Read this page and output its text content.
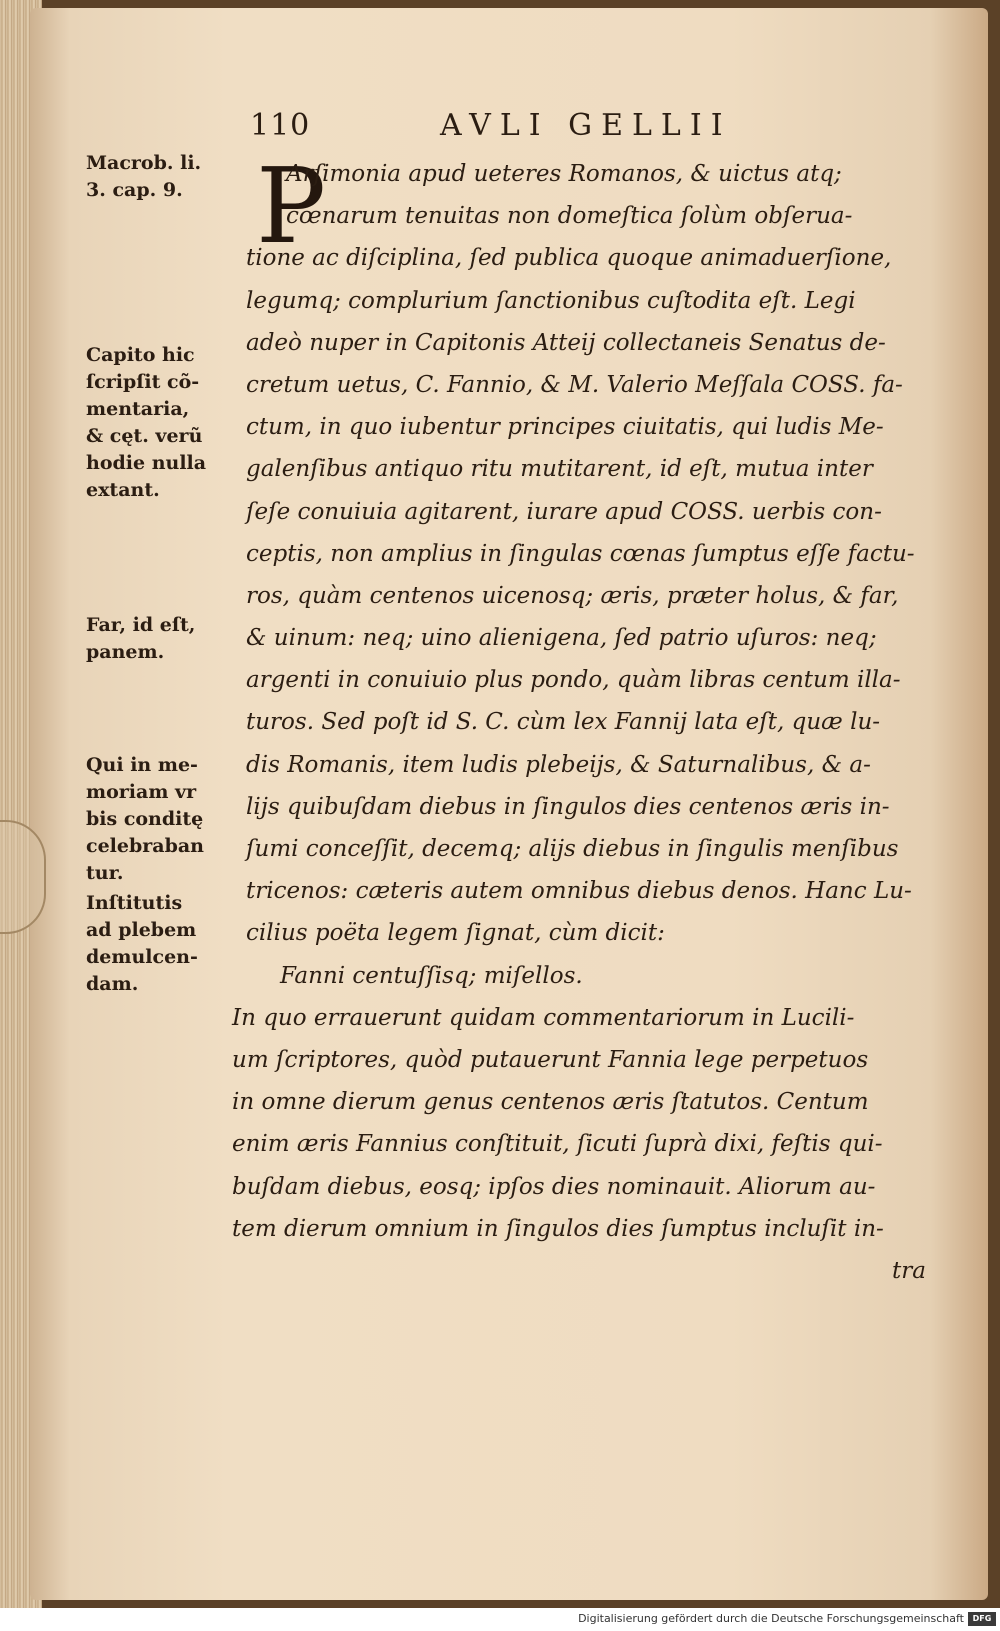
110	AVLI GELLII
P
Arſimonia apud ueteres Romanos, & uictus atq;
cœnarum tenuitas non domeſtica ſolùm obſerua-
tione ac diſciplina, ſed publica quoque animaduerſione,
legumq; complurium ſanctionibus cuſtodita eſt. Legi
adeò nuper in Capitonis Atteij collectaneis Senatus de-
cretum uetus, C. Fannio, & M. Valerio Meſſala COSS. fa-
ctum, in quo iubentur principes ciuitatis, qui ludis Me-
galenſibus antiquo ritu mutitarent, id eſt, mutua inter
ſeſe conuiuia agitarent, iurare apud COSS. uerbis con-
ceptis, non amplius in ſingulas cœnas ſumptus eſſe factu-
ros, quàm centenos uicenosq; æris, præter holus, & far,
& uinum: neq; uino alienigena, ſed patrio uſuros: neq;
argenti in conuiuio plus pondo, quàm libras centum illa-
turos. Sed poſt id S. C. cùm lex Fannij lata eſt, quæ lu-
dis Romanis, item ludis plebeijs, & Saturnalibus, & a-
lijs quibuſdam diebus in ſingulos dies centenos æris in-
ſumi conceſſit, decemq; alijs diebus in ſingulis menſibus
tricenos: cæteris autem omnibus diebus denos. Hanc Lu-
cilius poëta legem ſignat, cùm dicit:
Fanni centuſſisq; miſellos.
In quo errauerunt quidam commentariorum in Lucili-
um ſcriptores, quòd putauerunt Fannia lege perpetuos
in omne dierum genus centenos æris ſtatutos. Centum
enim æris Fannius conſtituit, ſicuti ſuprà dixi, feſtis qui-
buſdam diebus, eosq; ipſos dies nominauit. Aliorum au-
tem dierum omnium in ſingulos dies ſumptus incluſit in-
tra
Macrob. li.
3. cap. 9.
Capito hic
ſcripſit cõ-
mentaria,
& cęt. verũ
hodie nulla
extant.
Far, id eſt,
panem.
Qui in me-
moriam vr
bis conditę
celebraban
tur.
Inſtitutis
ad plebem
demulcen-
dam.
Digitalisierung gefördert durch die Deutsche Forschungsgemeinschaft	DFG
